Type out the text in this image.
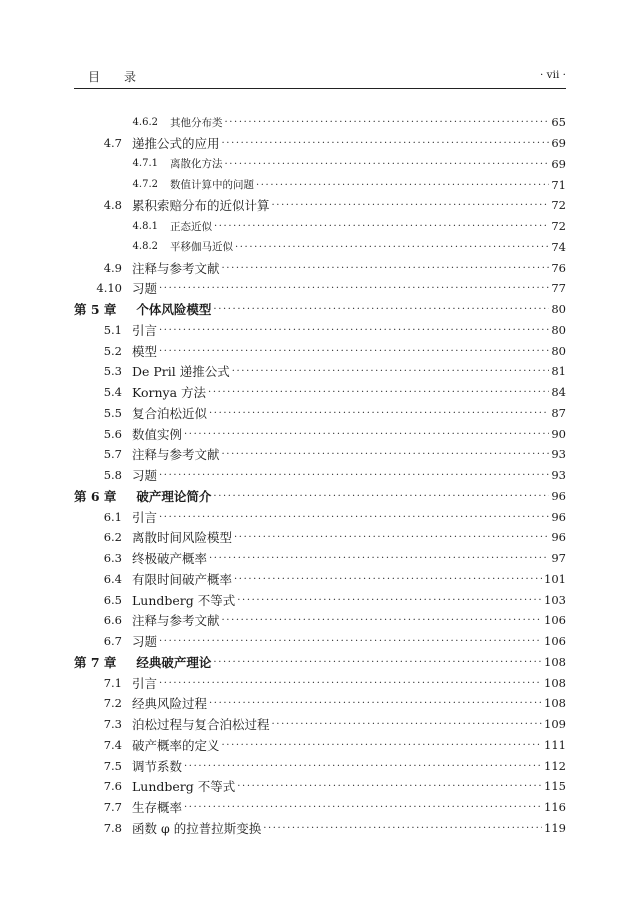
目 录	· vii ·
4.6.2	其他分布类 ·····	65
4.7 递推公式的应用 ·····	69
4.7.1	离散化方法 ·····	69
4.7.2	数值计算中的问题 ·····	71
4.8 累积索赔分布的近似计算 ·····	72
4.8.1	正态近似 ·····	72
4.8.2	平移伽马近似 ·····	74
4.9 注释与参考文献 ·····	76
4.10 习题 ·····	77
第 5 章	个体风险模型 ·····	80
5.1 引言 ·····	80
5.2 模型 ·····	80
5.3 De Pril 递推公式 ·····	81
5.4 Kornya 方法 ·····	84
5.5 复合泊松近似 ·····	87
5.6 数值实例 ·····	90
5.7 注释与参考文献 ·····	93
5.8 习题 ·····	93
第 6 章	破产理论简介 ·····	96
6.1 引言 ·····	96
6.2 离散时间风险模型 ·····	96
6.3 终极破产概率 ·····	97
6.4 有限时间破产概率 ·····	101
6.5 Lundberg 不等式 ·····	103
6.6 注释与参考文献 ·····	106
6.7 习题 ·····	106
第 7 章	经典破产理论 ·····	108
7.1 引言 ·····	108
7.2 经典风险过程 ·····	108
7.3 泊松过程与复合泊松过程 ·····	109
7.4 破产概率的定义 ·····	111
7.5 调节系数 ·····	112
7.6 Lundberg 不等式 ·····	115
7.7 生存概率 ·····	116
7.8 函数 φ 的拉普拉斯变换 ·····	119
